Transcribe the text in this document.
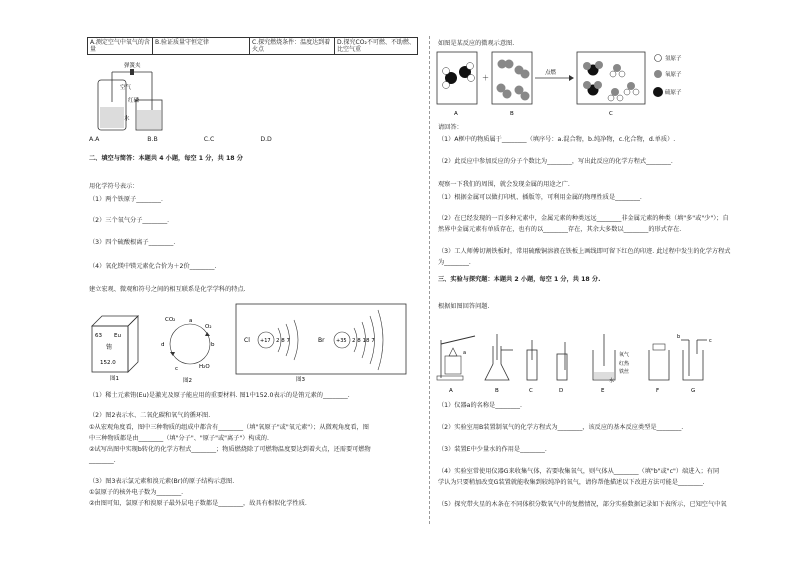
A.测定空气中氧气的含量	B.验证质量守恒定律	C.探究燃烧条件：温度达到着火点	D.探究CO₂不可燃、不助燃、比空气重
弹簧夹
空气
红磷
水
A.A	B.B	C.C	D.D
二、填空与简答：本题共 4 小题，每空 1 分，共 18 分
用化学符号表示：
（1）两个铁原子________．
（2）三个氧气分子________．
（3）四个硫酸根离子________．
（4）氧化镁中镁元素化合价为＋2价________.
建立宏观、微观和符号之间的相互联系是化学学科的特点.
63 Eu
铕
152.0
图1
CO₂
O₂
H₂O
a
b
c
d
图2
Cl +17 2 8 7	Br +35 2 8 18 7
图3
（1）稀土元素铕(Eu)是激光及原子能应用的重要材料. 图1中152.0表示的是铕元素的________.
（2）图2表示水、二氧化碳和氧气的循环图.
①从宏观角度看，图中三种物质的组成中都含有________（填"氧原子"或"氧元素"）；从微观角度看，图
中三种物质都是由________（填"分子"、"原子"或"离子"）构成的.
②试写出图中实现b转化的化学方程式________；物质燃烧除了可燃物温度要达到着火点，还需要可燃物
________.
（3）图3表示氯元素和溴元素(Br)的原子结构示意图.
①氯原子的核外电子数为________.
②由图可知，氯原子和溴原子最外层电子数都是________，故具有相似化学性质.
如图是某反应的微观示意图.
＋
点燃
A	B	C
氢原子
氧原子
硫原子
请回答：
（1）A框中的物质属于________（填序号：a.混合物，b.纯净物，c.化合物，d.单质）.
（2）此反应中参加反应的分子个数比为________，写出此反应的化学方程式________.
观察一下我们的周围，就会发现金属的用途之广.
（1）根据金属可以做打印机、插版等，可利用金属的物理性质是________.
（2）在已经发现的一百多种元素中，金属元素的种类远远________非金属元素的种类（填"多"或"少"）；自
然界中金属元素有单质存在，也有的以________存在，其余大多数以________的形式存在.
（3）工人师傅切割铁板时，常用硫酸铜溶液在铁板上画线即可留下红色的印迹. 此过程中发生的化学方程式
为________.
三、实验与探究题：本题共 2 小题，每空 1 分，共 18 分.
根据如图回答问题.
a	氧气
红热
铁丝
水
b
c
A	B	C	D	E	F	G
（1）仪器a的名称是________.
（2）实验室用B装置制氧气的化学方程式为________，该反应的基本反应类型是________.
（3）装置E中少量水的作用是________.
（4）实验室常使用仪器G来收集气体，若要收集氧气，则气体从________（填"b"或"c"）端进入；有同
学认为只要稍加改变G装置就能收集到较纯净的氧气，请你帮他描述以下改进方法可能是________.
（5）探究带火星的木条在不同体积分数氧气中的复燃情况，部分实验数据记录如下表所示，已知空气中氧
